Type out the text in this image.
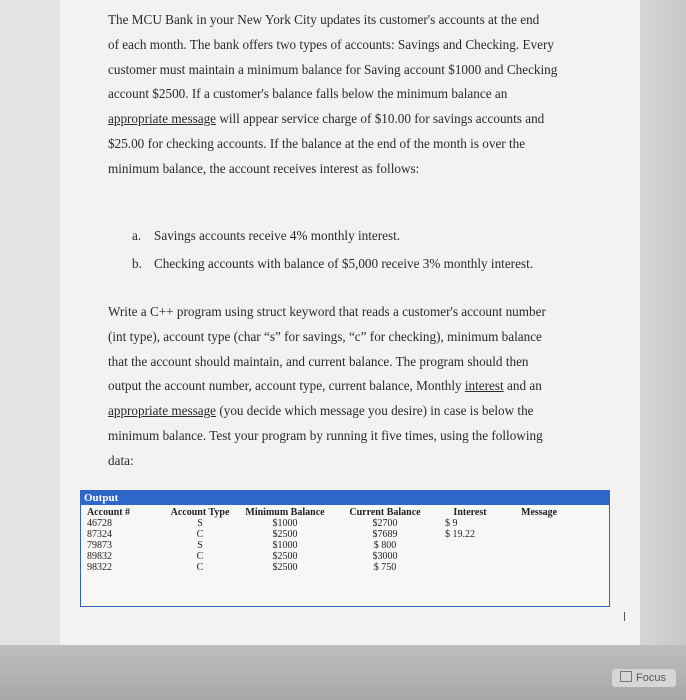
The MCU Bank in your New York City updates its customer's accounts at the end
of each month. The bank offers two types of accounts: Savings and Checking. Every
customer must maintain a minimum balance for Saving account $1000 and Checking
account $2500. If a customer's balance falls below the minimum balance an
appropriate message will appear service charge of $10.00 for savings accounts and
$25.00 for checking accounts. If the balance at the end of the month is over the
minimum balance, the account receives interest as follows:
a. Savings accounts receive 4% monthly interest.
b. Checking accounts with balance of $5,000 receive 3% monthly interest.
Write a C++ program using struct keyword that reads a customer's account number
(int type), account type (char “s” for savings, “c” for checking), minimum balance
that the account should maintain, and current balance. The program should then
output the account number, account type, current balance, Monthly interest and an
appropriate message (you decide which message you desire) in case is below the
minimum balance. Test your program by running it five times, using the following
data:
Output
Account #
46728
87324
79873
89832
98322
Account Type
S
C
S
C
C
Minimum Balance
$1000
$2500
$1000
$2500
$2500
Current Balance
$2700
$7689
$ 800
$3000
$ 750
Interest
$ 9
$ 19.22
Message
Focus
